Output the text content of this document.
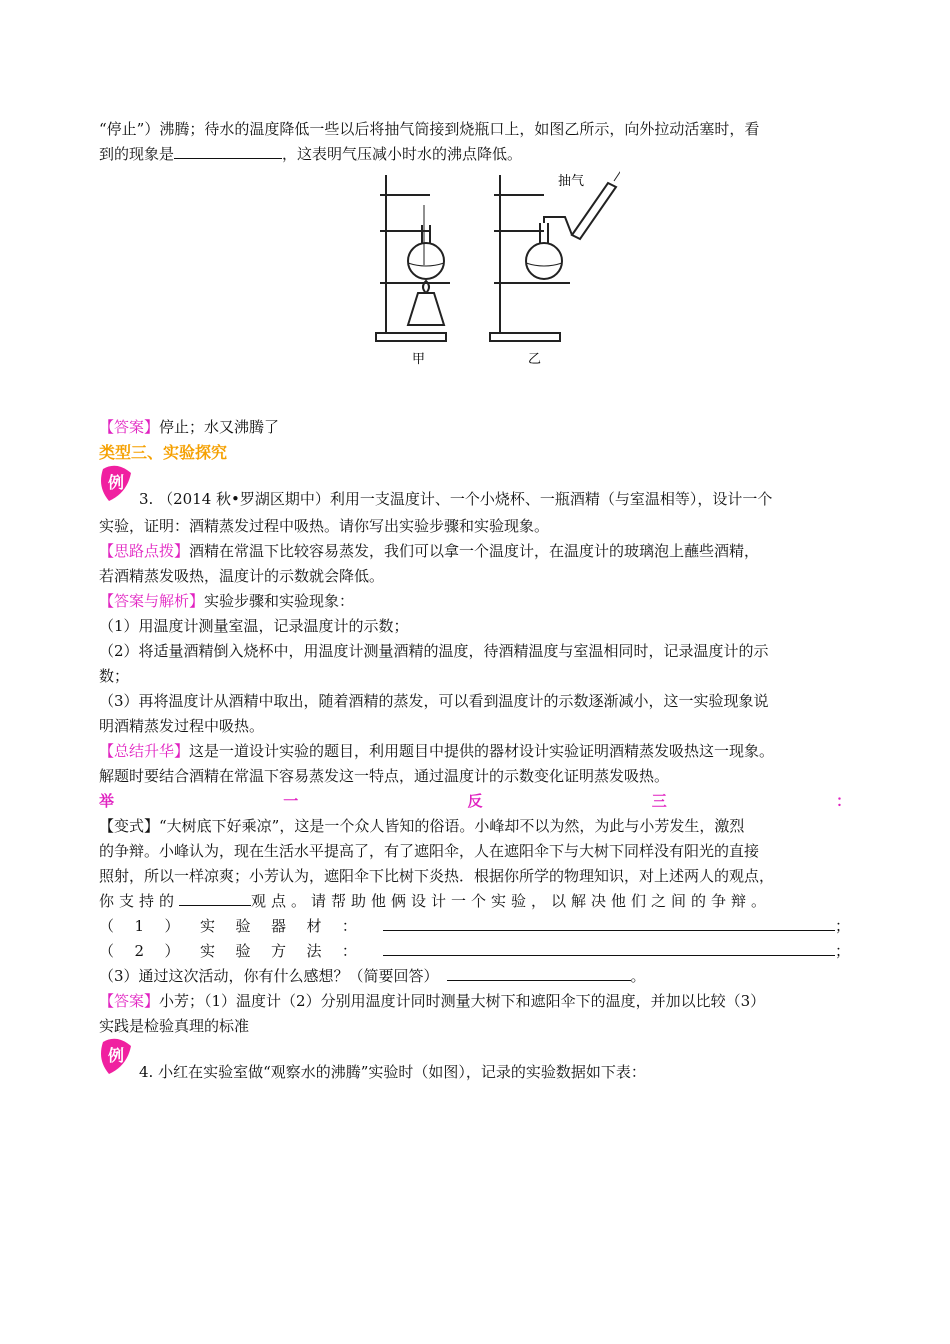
“停止”）沸腾；待水的温度降低一些以后将抽气筒接到烧瓶口上，如图乙所示，向外拉动活塞时，看
到的现象是	，这表明气压减小时水的沸点降低。
甲	乙
抽气
【答案】停止；水又沸腾了
类型三、实验探究
例
3. （2014 秋•罗湖区期中）利用一支温度计、一个小烧杯、一瓶酒精（与室温相等），设计一个
实验，证明：酒精蒸发过程中吸热。请你写出实验步骤和实验现象。
【思路点拨】酒精在常温下比较容易蒸发，我们可以拿一个温度计，在温度计的玻璃泡上蘸些酒精，
若酒精蒸发吸热，温度计的示数就会降低。
【答案与解析】实验步骤和实验现象：
（1）用温度计测量室温，记录温度计的示数；
（2）将适量酒精倒入烧杯中，用温度计测量酒精的温度，待酒精温度与室温相同时，记录温度计的示
数；
（3）再将温度计从酒精中取出，随着酒精的蒸发，可以看到温度计的示数逐渐减小，这一实验现象说
明酒精蒸发过程中吸热。
【总结升华】这是一道设计实验的题目，利用题目中提供的器材设计实验证明酒精蒸发吸热这一现象。
解题时要结合酒精在常温下容易蒸发这一特点，通过温度计的示数变化证明蒸发吸热。
举	一	反	三	：
【变式】“大树底下好乘凉”，这是一个众人皆知的俗语。小峰却不以为然，为此与小芳发生，激烈
的争辩。小峰认为，现在生活水平提高了，有了遮阳伞，人在遮阳伞下与大树下同样没有阳光的直接
照射，所以一样凉爽；小芳认为，遮阳伞下比树下炎热．根据你所学的物理知识，对上述两人的观点，
你支持的	观点。请帮助他俩设计一个实验，以解决他们之间的争辩。
（ 1 ） 实 验 器 材 ：	；
（ 2 ） 实 验 方 法 ：	；
（3）通过这次活动，你有什么感想？（简要回答）	。
【答案】小芳；（1）温度计（2）分别用温度计同时测量大树下和遮阳伞下的温度，并加以比较（3）
实践是检验真理的标准
例
4. 小红在实验室做“观察水的沸腾”实验时（如图），记录的实验数据如下表：
